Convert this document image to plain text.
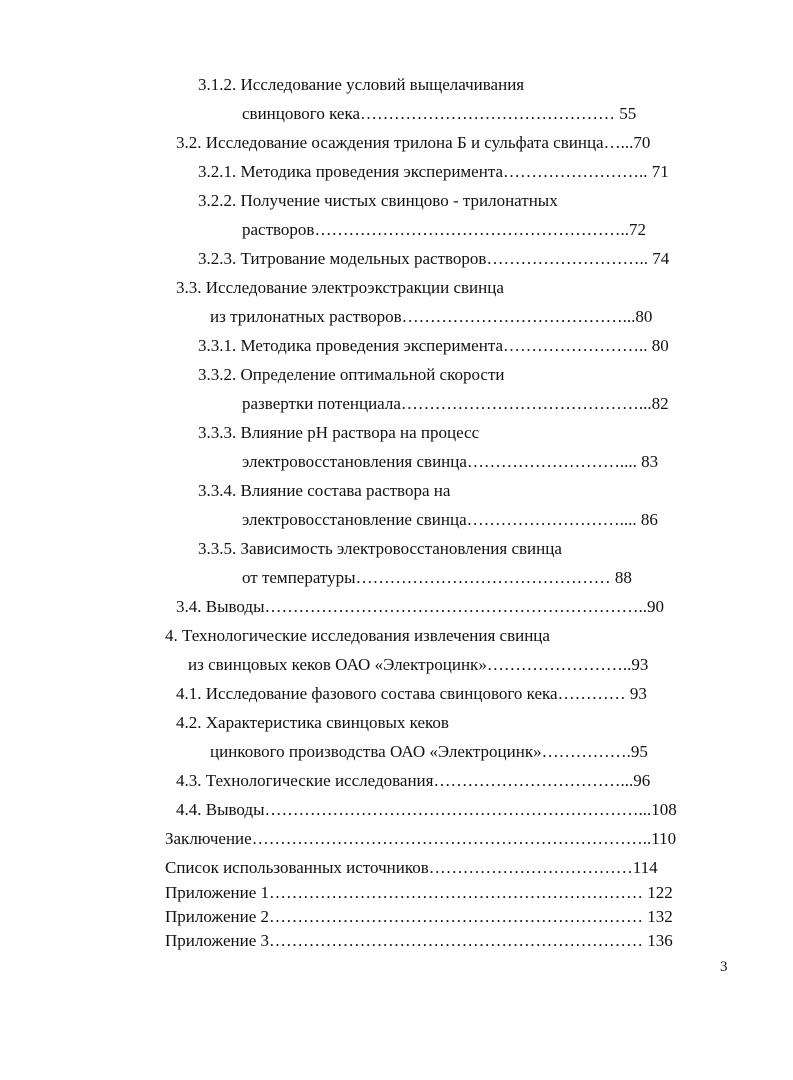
3.1.2. Исследование условий выщелачивания
свинцового кека……………………………………… 55
3.2. Исследование осаждения трилона Б и сульфата свинца…...70
3.2.1. Методика проведения эксперимента…………………….. 71
3.2.2. Получение чистых свинцово - трилонатных
растворов………………………………………………..72
3.2.3. Титрование модельных растворов……………………….. 74
3.3. Исследование электроэкстракции свинца
из трилонатных растворов…………………………………...80
3.3.1. Методика проведения эксперимента…………………….. 80
3.3.2. Определение оптимальной скорости
развертки потенциала……………………………………...82
3.3.3. Влияние pH раствора на процесс
электровосстановления свинца……………………….... 83
3.3.4. Влияние состава раствора на
электровосстановление свинца……………………….... 86
3.3.5. Зависимость электровосстановления свинца
от температуры……………………………………… 88
3.4. Выводы…………………………………………………………..90
4. Технологические исследования извлечения свинца
из свинцовых кеков ОАО «Электроцинк»……………………..93
4.1. Исследование фазового состава свинцового кека………… 93
4.2. Характеристика свинцовых кеков
цинкового производства ОАО «Электроцинк»…………….95
4.3. Технологические исследования……………………………...96
4.4. Выводы…………………………………………………………...108
Заключение……………………………………………………………..110
Список использованных источников………………………………114
Приложение 1………………………………………………………… 122
Приложение 2………………………………………………………… 132
Приложение 3………………………………………………………… 136
3
